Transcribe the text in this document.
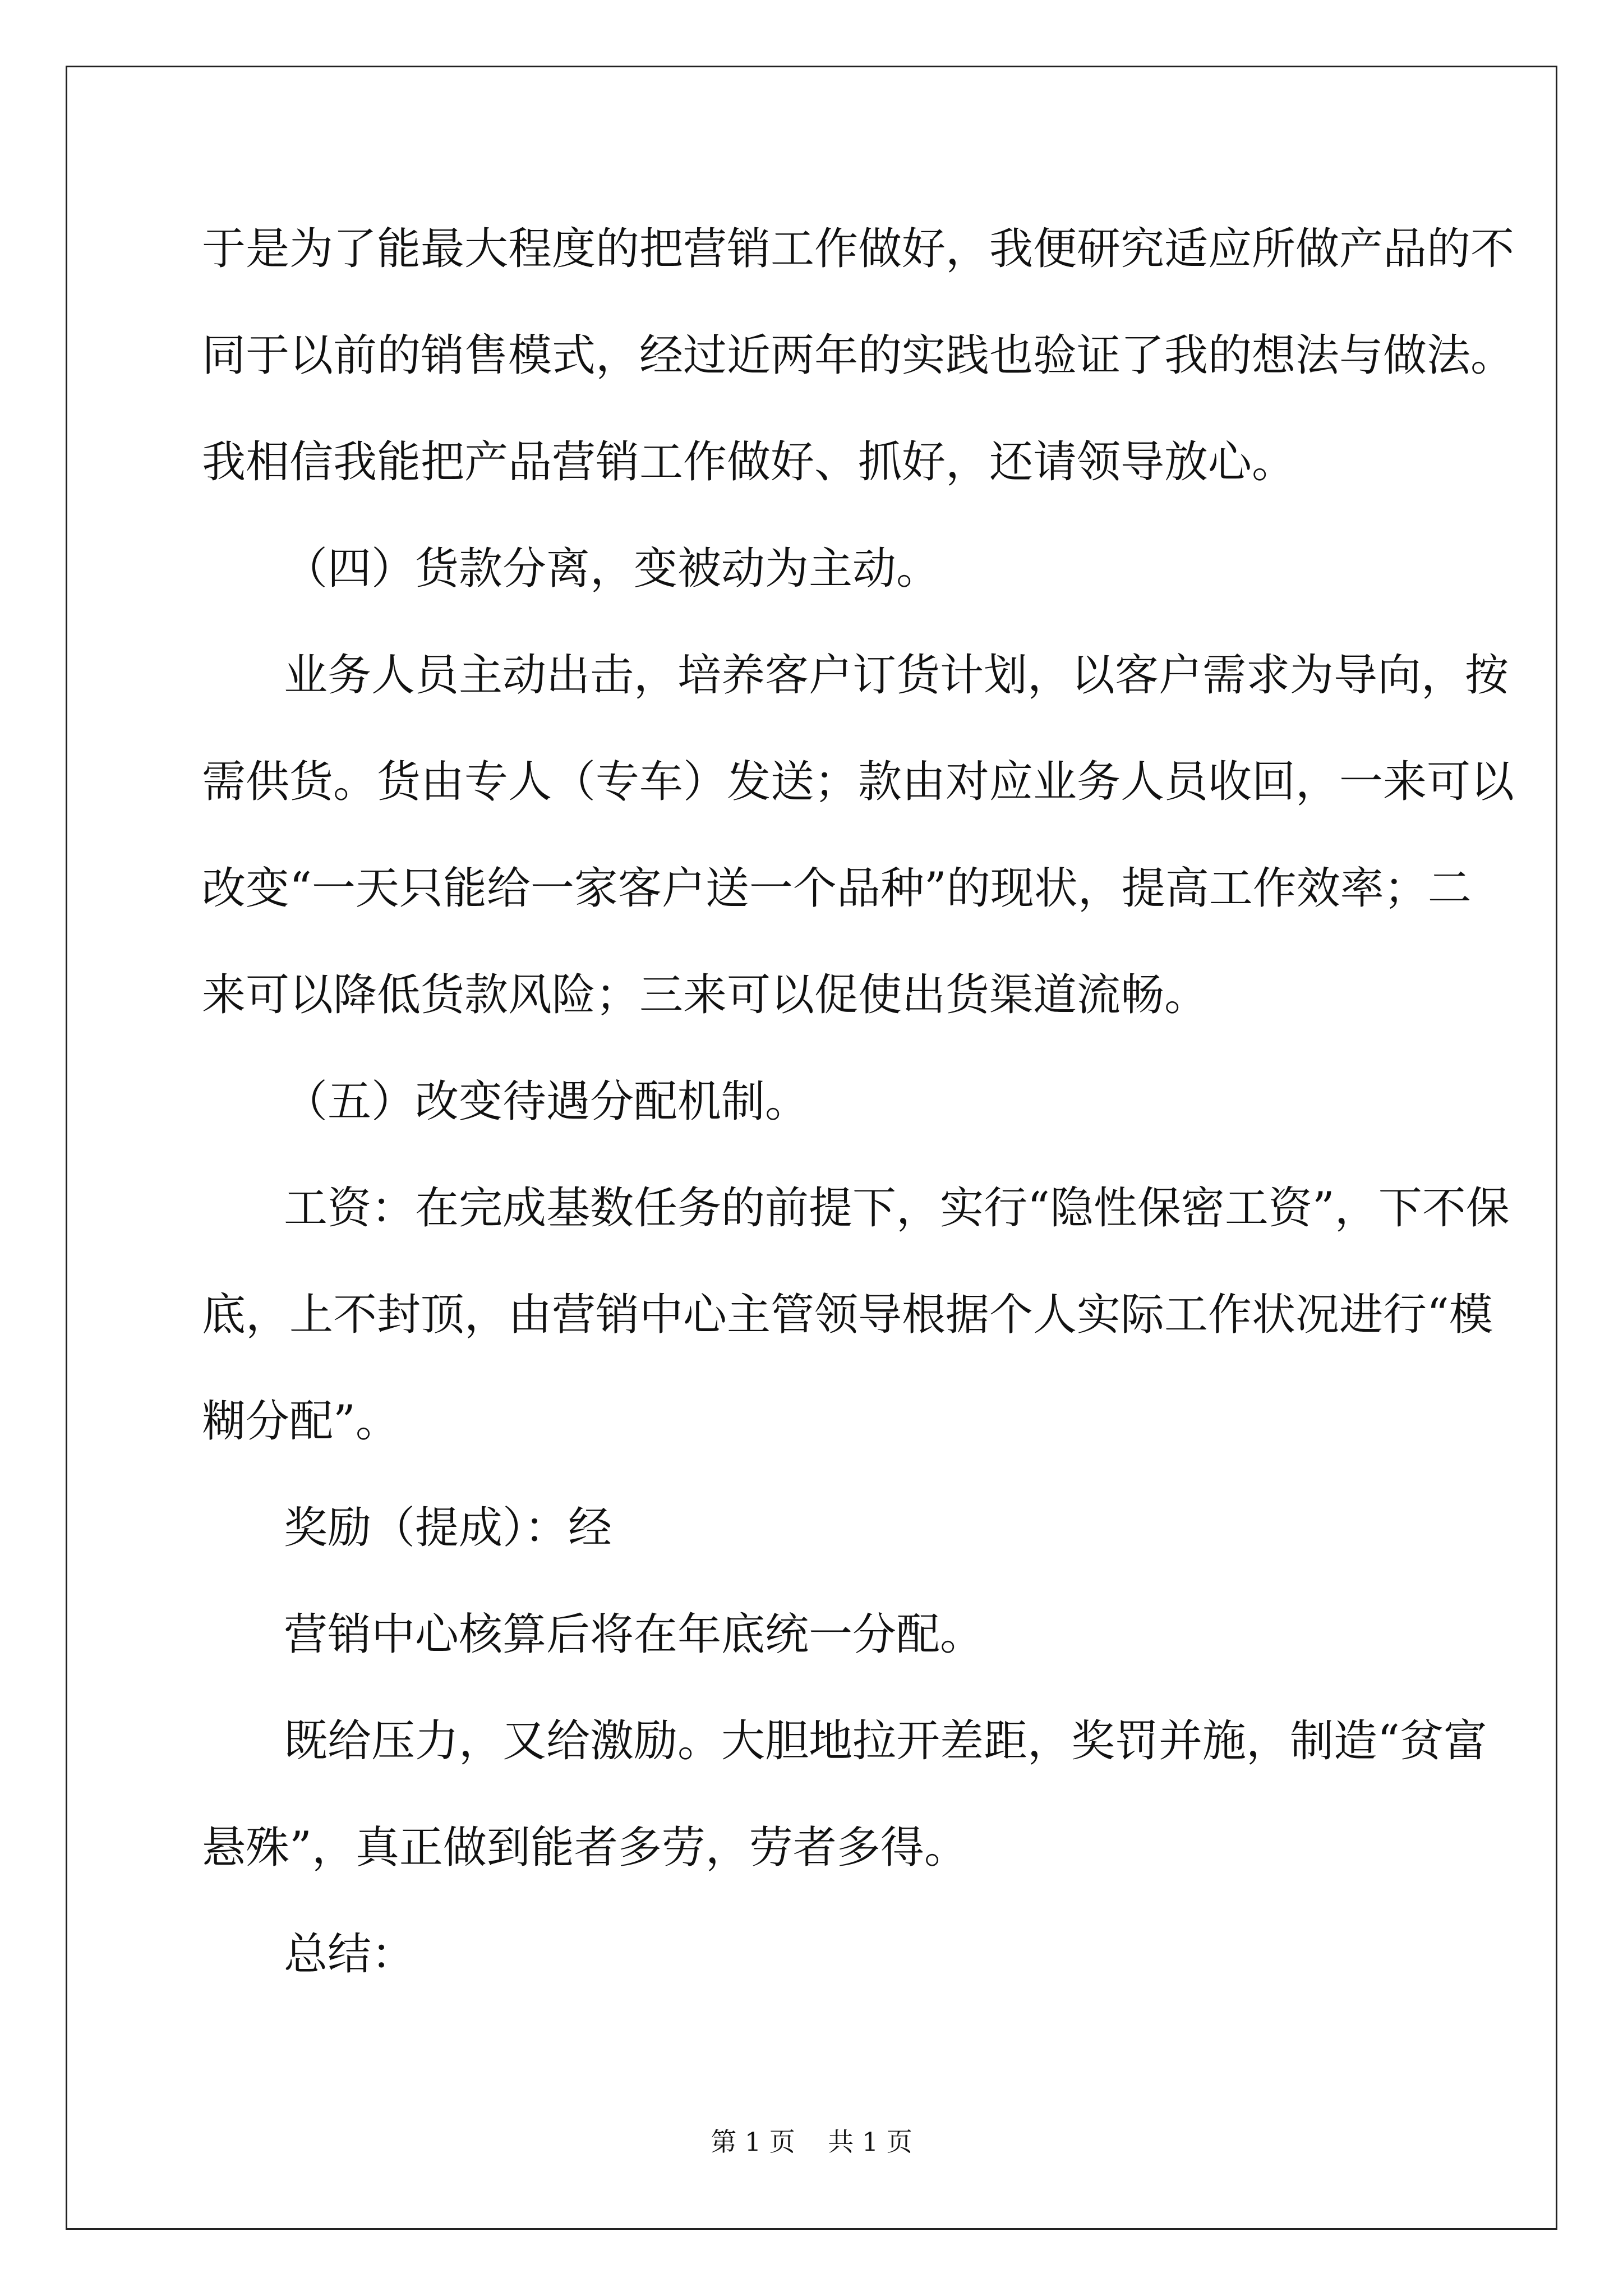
于是为了能最大程度的把营销工作做好，我便研究适应所做产品的不
同于以前的销售模式，经过近两年的实践也验证了我的想法与做法。
我相信我能把产品营销工作做好、抓好，还请领导放心。
（四）货款分离，变被动为主动。
业务人员主动出击，培养客户订货计划，以客户需求为导向，按
需供货。货由专人（专车）发送；款由对应业务人员收回，一来可以
改变“一天只能给一家客户送一个品种”的现状，提高工作效率；二
来可以降低货款风险；三来可以促使出货渠道流畅。
（五）改变待遇分配机制。
工资：在完成基数任务的前提下，实行“隐性保密工资”，下不保
底，上不封顶，由营销中心主管领导根据个人实际工作状况进行“模
糊分配”。
奖励（提成）：经
营销中心核算后将在年底统一分配。
既给压力，又给激励。大胆地拉开差距，奖罚并施，制造“贫富
悬殊”，真正做到能者多劳，劳者多得。
总结：
第 1 页    共 1 页
